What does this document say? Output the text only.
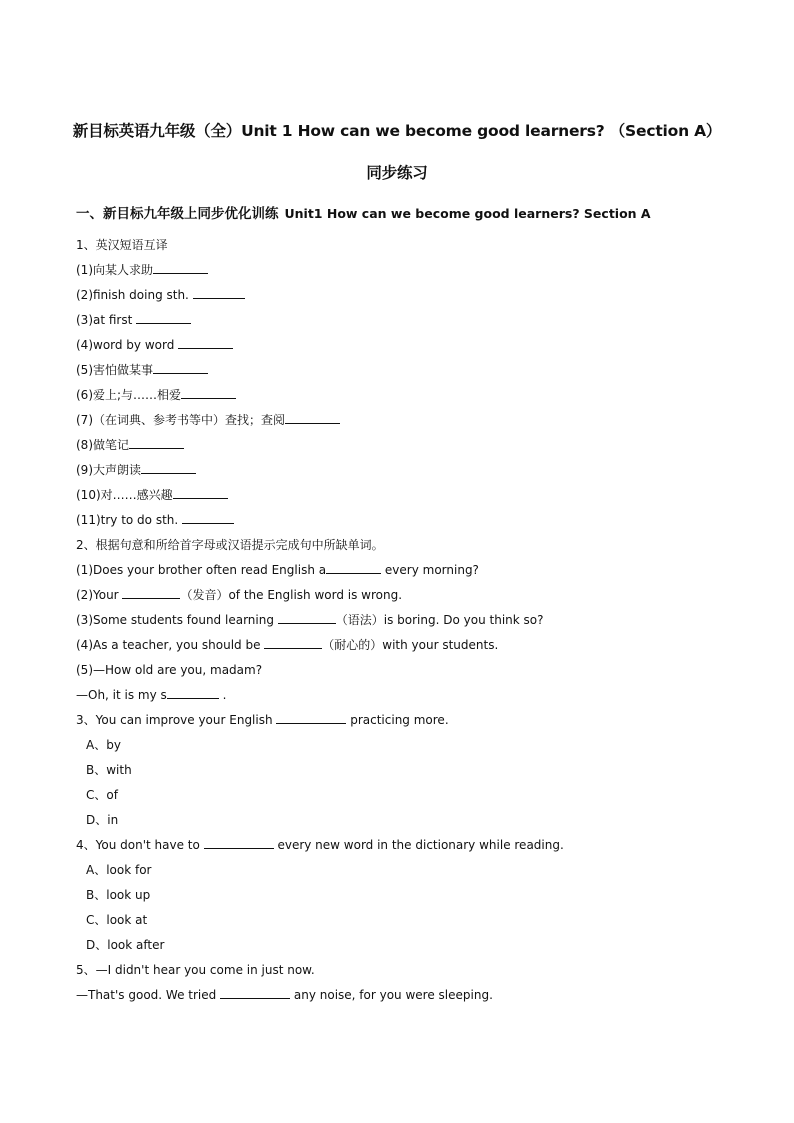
新目标英语九年级（全）Unit 1 How can we become good learners? （Section A）
同步练习
一、新目标九年级上同步优化训练 Unit1 How can we become good learners? Section A
1、英汉短语互译
(1)向某人求助
(2)finish doing sth.
(3)at first
(4)word by word
(5)害怕做某事
(6)爱上;与……相爱
(7)（在词典、参考书等中）查找；查阅
(8)做笔记
(9)大声朗读
(10)对……感兴趣
(11)try to do sth.
2、根据句意和所给首字母或汉语提示完成句中所缺单词。
(1)Does your brother often read English a	every morning?
(2)Your	（发音）of the English word is wrong.
(3)Some students found learning	（语法）is boring. Do you think so?
(4)As a teacher, you should be	（耐心的）with your students.
(5)—How old are you, madam?
—Oh, it is my s	.
3、You can improve your English	practicing more.
A、by
B、with
C、of
D、in
4、You don't have to	every new word in the dictionary while reading.
A、look for
B、look up
C、look at
D、look after
5、—I didn't hear you come in just now.
—That's good. We tried	any noise, for you were sleeping.
